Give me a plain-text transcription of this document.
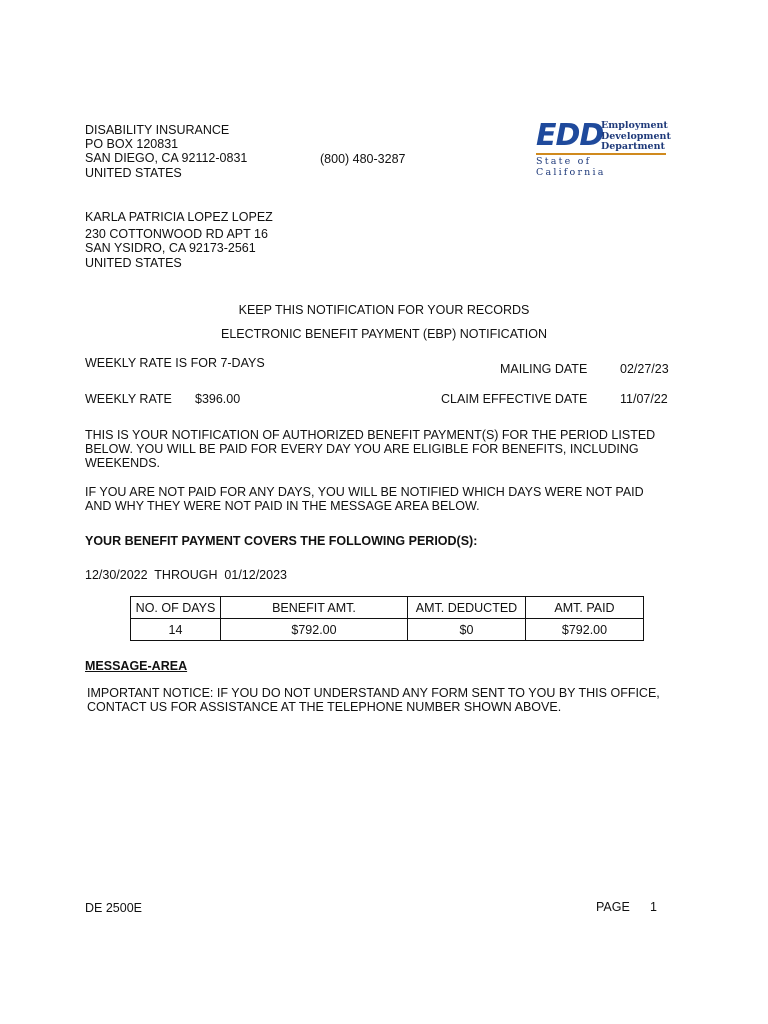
DISABILITY INSURANCE
PO BOX 120831
SAN DIEGO, CA 92112-0831
UNITED STATES
(800) 480-3287
EDD
Employment
Development
Department
State of California
KARLA PATRICIA LOPEZ LOPEZ
230 COTTONWOOD RD APT 16
SAN YSIDRO, CA 92173-2561
UNITED STATES
KEEP THIS NOTIFICATION FOR YOUR RECORDS
ELECTRONIC BENEFIT PAYMENT (EBP) NOTIFICATION
WEEKLY RATE IS FOR 7-DAYS	MAILING DATE	02/27/23
WEEKLY RATE $396.00	CLAIM EFFECTIVE DATE	11/07/22
THIS IS YOUR NOTIFICATION OF AUTHORIZED BENEFIT PAYMENT(S) FOR THE PERIOD LISTED
BELOW. YOU WILL BE PAID FOR EVERY DAY YOU ARE ELIGIBLE FOR BENEFITS, INCLUDING
WEEKENDS.
IF YOU ARE NOT PAID FOR ANY DAYS, YOU WILL BE NOTIFIED WHICH DAYS WERE NOT PAID
AND WHY THEY WERE NOT PAID IN THE MESSAGE AREA BELOW.
YOUR BENEFIT PAYMENT COVERS THE FOLLOWING PERIOD(S):
12/30/2022  THROUGH  01/12/2023
NO. OF DAYS	BENEFIT AMT.	AMT. DEDUCTED	AMT. PAID
14	$792.00	$0	$792.00
MESSAGE-AREA
IMPORTANT NOTICE: IF YOU DO NOT UNDERSTAND ANY FORM SENT TO YOU BY THIS OFFICE,
CONTACT US FOR ASSISTANCE AT THE TELEPHONE NUMBER SHOWN ABOVE.
DE 2500E	PAGE 1
